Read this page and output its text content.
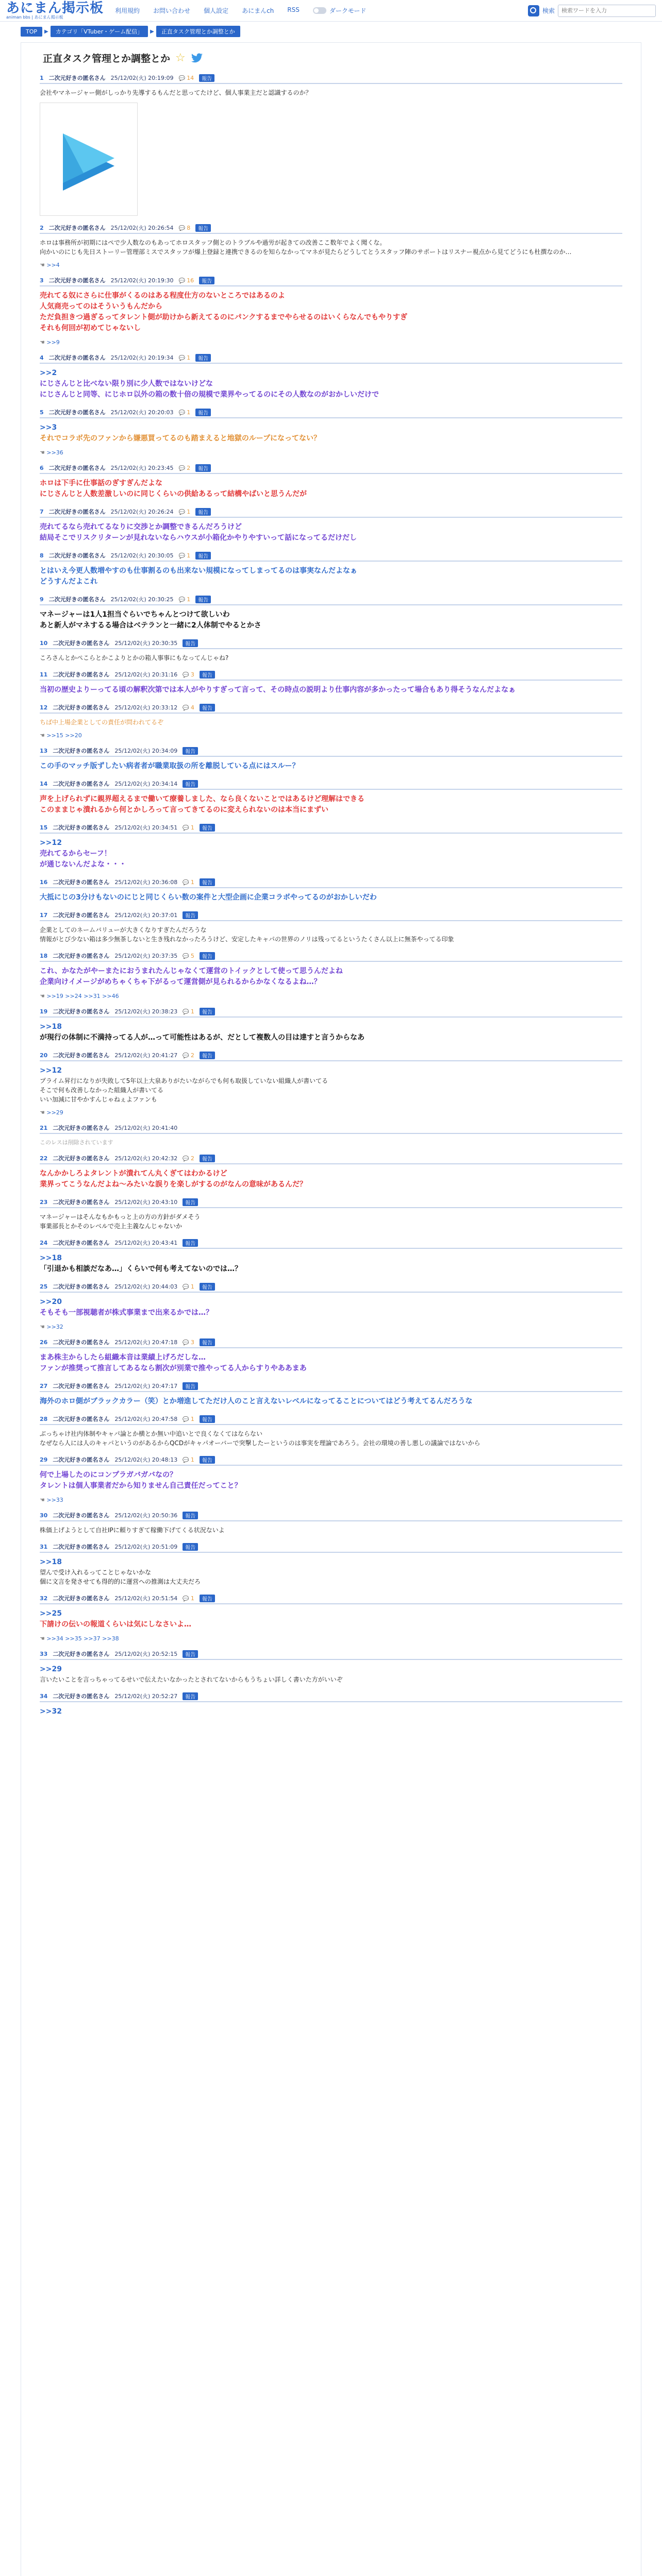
あにまん掲示板
animan bbs | あにまん掲示板
利用規約 お問い合わせ 個人設定 あにまんch RSS	ダークモード	検索
検索ワードを入力
TOP	▶	カテゴリ「VTuber・ゲーム配信」	▶	正直タスク管理とか調整とか
正直タスク管理とか調整とか ☆
1 二次元好きの匿名さん 25/12/02(火) 20:19:09	💬 14	報告
会社やマネージャー側がしっかり先導するもんだと思ってたけど、個人事業主だと認識するのか？
2 二次元好きの匿名さん 25/12/02(火) 20:26:54	💬 8	報告
ホロは事務所が初期にはペで少人数なのもあってホロスタッフ側とのトラブルや過労が起きての改善ここ数年でよく聞くな。
向かいのにじも先日ストーリー管理部ミスでスタッフが爆上登録と連携できるのを知らなかってマネが見たらどうしてとうスタッフ陣のサポートはリスナー視点から見てどうにも杜撰なのか…
☚ >>4
3 二次元好きの匿名さん 25/12/02(火) 20:19:30	💬 16	報告
売れてる奴にさらに仕事がくるのはある程度仕方のないところではあるのよ
人気商売ってのはそういうもんだから
ただ負担きつ過ぎるってタレント側が助けから新えてるのにパンクするまでやらせるのはいくらなんでもやりすぎ
それも何回が初めてじゃないし
☚ >>9
4 二次元好きの匿名さん 25/12/02(火) 20:19:34	💬 1	報告
>>2
にじさんじと比べない限り別に少人数ではないけどな
にじさんじと同等、にじホロ以外の箱の数十倍の規模で業界やってるのにその人数なのがおかしいだけで
5 二次元好きの匿名さん 25/12/02(火) 20:20:03	💬 1	報告
>>3
それでコラボ先のファンから嫌悪買ってるのも踏まえると地獄のループになってない？
☚ >>36
6 二次元好きの匿名さん 25/12/02(火) 20:23:45	💬 2	報告
ホロは下手に仕事話のぎすぎんだよな
にじさんじと人数差激しいのに同じくらいの供給あるって結構やばいと思うんだが
7 二次元好きの匿名さん 25/12/02(火) 20:26:24	💬 1	報告
売れてるなら売れてるなりに交渉とか調整できるんだろうけど
結局そこでリスクリターンが見れないならハウスが小箱化かやりやすいって話になってるだけだし
8 二次元好きの匿名さん 25/12/02(火) 20:30:05	💬 1	報告
とはいえ今更人数増やすのも仕事割るのも出来ない規模になってしまってるのは事実なんだよなぁ
どうすんだよこれ
9 二次元好きの匿名さん 25/12/02(火) 20:30:25	💬 1	報告
マネージャーは1人1担当ぐらいでちゃんとつけて欲しいわ
あと新人がマネするる場合はベテランと一緒に2人体制でやるとかさ
10 二次元好きの匿名さん 25/12/02(火) 20:30:35	報告
ころさんとかぺこらとかこよりとかの箱人事事にもなってんじゃね?
11 二次元好きの匿名さん 25/12/02(火) 20:31:16	💬 3	報告
当初の歴史よりーってる頃の解釈次第では本人がやりすぎって言って、その時点の説明より仕事内容が多かったって場合もあり得そうなんだよなぁ
12 二次元好きの匿名さん 25/12/02(火) 20:33:12	💬 4	報告
ちば中上場企業としての責任が問われてるぞ
☚ >>15 >>20
13 二次元好きの匿名さん 25/12/02(火) 20:34:09	報告
この手のマッチ版ずしたい病者者が職業取扱の所を離脱している点にはスルー？
14 二次元好きの匿名さん 25/12/02(火) 20:34:14	報告
声を上げられずに親界超えるまで働いて療養しました、なら良くないことではあるけど理解はできる
このままじゃ潰れるから何とかしろって言ってきてるのに変えられないのは本当にまずい
15 二次元好きの匿名さん 25/12/02(火) 20:34:51	💬 1	報告
>>12
売れてるからセーフ！
が通じないんだよな・・・
16 二次元好きの匿名さん 25/12/02(火) 20:36:08	💬 1	報告
大抵にじの3分けもないのにじと同じくらい数の案件と大型企画に企業コラボやってるのがおかしいだわ
17 二次元好きの匿名さん 25/12/02(火) 20:37:01	報告
企業としてのネームバリューが大きくなりすぎたんだろうな
情報がとび少ない箱は多少無茶しないと生き残れなかったろうけど、安定したキャパの世界のノリは残ってるというたくさん以上に無茶やってる印象
18 二次元好きの匿名さん 25/12/02(火) 20:37:35	💬 5	報告
これ、かなたがやーまたにおうまれたんじゃなくて運営のトイックとして使って思うんだよね
企業向けイメージがめちゃくちゃ下がるって運営側が見られるからかなくなるよね…？
☚ >>19 >>24 >>31 >>46
19 二次元好きの匿名さん 25/12/02(火) 20:38:23	💬 1	報告
>>18
が現行の体制に不満持ってる人が…って可能性はあるが、だとして複数人の目は達すと言うからなあ
20 二次元好きの匿名さん 25/12/02(火) 20:41:27	💬 2	報告
>>12
プライム昇行になりが失敗して5年以上大泉ありがたいながらでも何も取扱していない組織人が書いてる
そこで何も改善しなかった組織人が書いてる
いい加減に甘やかすんじゃねぇよファンも
☚ >>29
21 二次元好きの匿名さん 25/12/02(火) 20:41:40
このレスは削除されています
22 二次元好きの匿名さん 25/12/02(火) 20:42:32	💬 2	報告
なんかかしろよタレントが潰れてん丸くぎてはわかるけど
業界ってこうなんだよね〜みたいな誤りを楽しがするのがなんの意味があるんだ？
23 二次元好きの匿名さん 25/12/02(火) 20:43:10	報告
マネージャーはそんなもかもっと上の方の方針がダメそう
事業部長とかそのレベルで売上主義なんじゃないか
24 二次元好きの匿名さん 25/12/02(火) 20:43:41	報告
>>18
「引退かも相談だなあ…」くらいで何も考えてないのでは…？
25 二次元好きの匿名さん 25/12/02(火) 20:44:03	💬 1	報告
>>20
そもそも一部視聴者が株式事業まで出来るかでは…？
☚ >>32
26 二次元好きの匿名さん 25/12/02(火) 20:47:18	💬 3	報告
まあ株主からしたら組織本音は業績上げろだしな…
ファンが推奨って推言してあるなら割次が別業で推やってる人からすりやああまあ
27 二次元好きの匿名さん 25/12/02(火) 20:47:17	報告
海外のホロ側がブラックカラー（笑）とか増進してただけ人のこと言えないレベルになってることについてはどう考えてるんだろうな
28 二次元好きの匿名さん 25/12/02(火) 20:47:58	💬 1	報告
ぶっちゃけ社内体制やキャパ論とか横とか無い中追いとで良くなくてはならない
なぜなら人には人のキャパというのがあるからQCDがキャパオーバーで突撃したーというのは事実を理論であろう。会社の環境の善し悪しの議論ではないから
29 二次元好きの匿名さん 25/12/02(火) 20:48:13	💬 1	報告
何で上場したのにコンプラガバガバなの？
タレントは個人事業者だから知りません自己責任だってこと？
☚ >>33
30 二次元好きの匿名さん 25/12/02(火) 20:50:36	報告
株価上げようとして自社IPに頼りすぎて稼働下げてくる状況ないよ
31 二次元好きの匿名さん 25/12/02(火) 20:51:09	報告
>>18
望んで受け入れるってことじゃないかな
個に文言を発させても得的的に運営への推測は大丈夫だろ
32 二次元好きの匿名さん 25/12/02(火) 20:51:54	💬 1	報告
>>25
下請けの伝いの報道くらいは気にしなさいよ…
☚ >>34 >>35 >>37 >>38
33 二次元好きの匿名さん 25/12/02(火) 20:52:15	報告
>>29
言いたいことを言っちゃってるせいで伝えたいなかったとされてないからもうちょい詳しく書いた方がいいぞ
34 二次元好きの匿名さん 25/12/02(火) 20:52:27	報告
>>32
